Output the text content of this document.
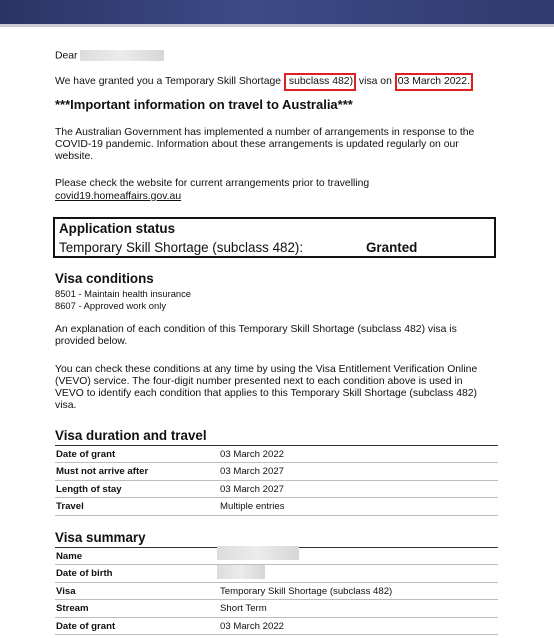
Dear
We have granted you a Temporary Skill Shortage subclass 482) visa on 03 March 2022.
***Important information on travel to Australia***
The Australian Government has implemented a number of arrangements in response to the
COVID-19 pandemic. Information about these arrangements is updated regularly on our
website.
Please check the website for current arrangements prior to travelling
covid19.homeaffairs.gov.au
Application status
Temporary Skill Shortage (subclass 482):	Granted
Visa conditions
8501 - Maintain health insurance
8607 - Approved work only
An explanation of each condition of this Temporary Skill Shortage (subclass 482) visa is
provided below.
You can check these conditions at any time by using the Visa Entitlement Verification Online
(VEVO) service. The four-digit number presented next to each condition above is used in
VEVO to identify each condition that applies to this Temporary Skill Shortage (subclass 482)
visa.
Visa duration and travel
Date of grant	03 March 2022
Must not arrive after	03 March 2027
Length of stay	03 March 2027
Travel	Multiple entries
Visa summary
Name
Date of birth
Visa	Temporary Skill Shortage (subclass 482)
Stream	Short Term
Date of grant	03 March 2022
